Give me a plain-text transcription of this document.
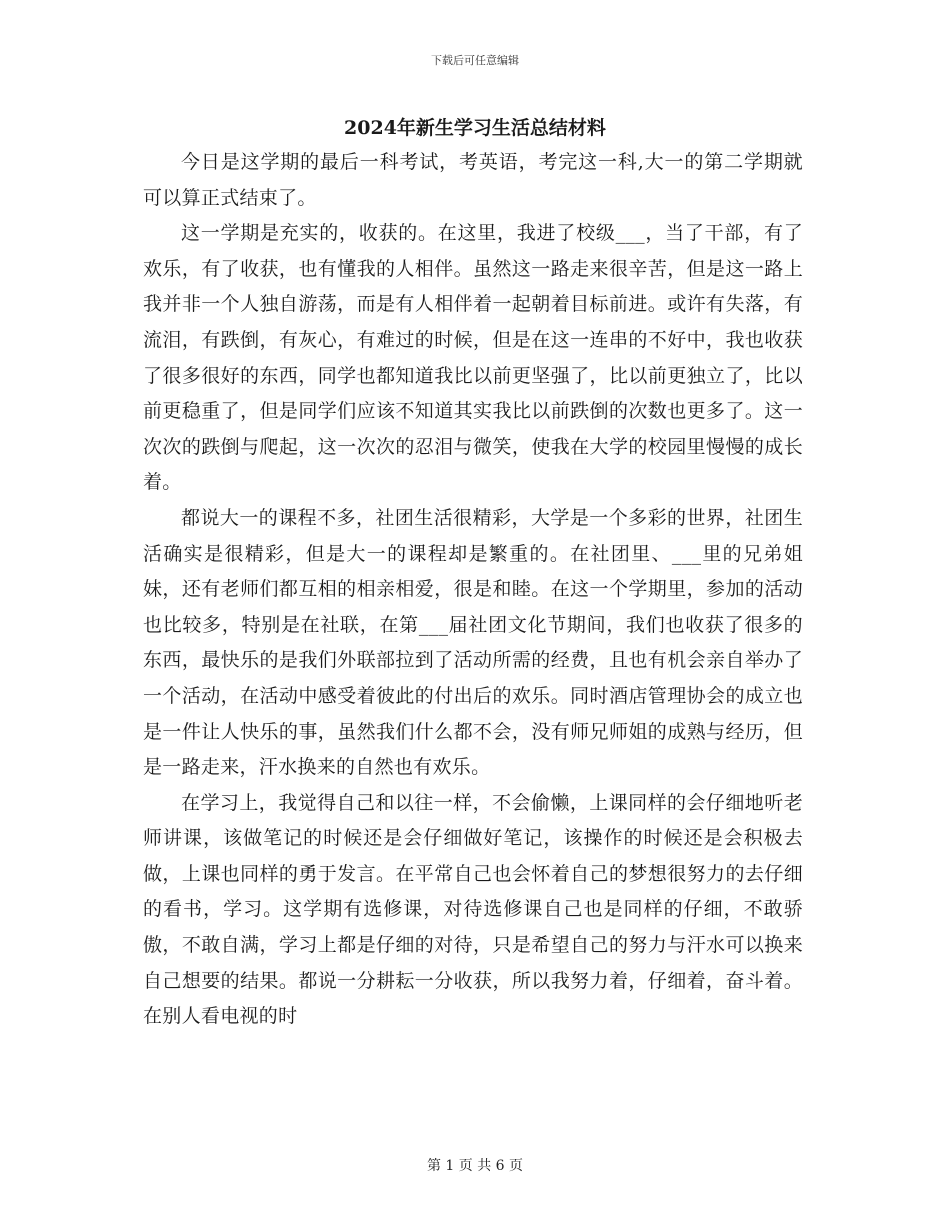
下载后可任意编辑
2024年新生学习生活总结材料

今日是这学期的最后一科考试，考英语，考完这一科,大一的第二学期就可以算正式结束了。

这一学期是充实的，收获的。在这里，我进了校级___，当了干部，有了欢乐，有了收获，也有懂我的人相伴。虽然这一路走来很辛苦，但是这一路上我并非一个人独自游荡，而是有人相伴着一起朝着目标前进。或许有失落，有流泪，有跌倒，有灰心，有难过的时候，但是在这一连串的不好中，我也收获了很多很好的东西，同学也都知道我比以前更坚强了，比以前更独立了，比以前更稳重了，但是同学们应该不知道其实我比以前跌倒的次数也更多了。这一次次的跌倒与爬起，这一次次的忍泪与微笑，使我在大学的校园里慢慢的成长着。

都说大一的课程不多，社团生活很精彩，大学是一个多彩的世界，社团生活确实是很精彩，但是大一的课程却是繁重的。在社团里、___里的兄弟姐妹，还有老师们都互相的相亲相爱，很是和睦。在这一个学期里，参加的活动也比较多，特别是在社联，在第___届社团文化节期间，我们也收获了很多的东西，最快乐的是我们外联部拉到了活动所需的经费，且也有机会亲自举办了一个活动，在活动中感受着彼此的付出后的欢乐。同时酒店管理协会的成立也是一件让人快乐的事，虽然我们什么都不会，没有师兄师姐的成熟与经历，但是一路走来，汗水换来的自然也有欢乐。

在学习上，我觉得自己和以往一样，不会偷懒，上课同样的会仔细地听老师讲课，该做笔记的时候还是会仔细做好笔记，该操作的时候还是会积极去做，上课也同样的勇于发言。在平常自己也会怀着自己的梦想很努力的去仔细的看书，学习。这学期有选修课，对待选修课自己也是同样的仔细，不敢骄傲，不敢自满，学习上都是仔细的对待，只是希望自己的努力与汗水可以换来自己想要的结果。都说一分耕耘一分收获，所以我努力着，仔细着，奋斗着。在别人看电视的时

第 1 页 共 6 页
